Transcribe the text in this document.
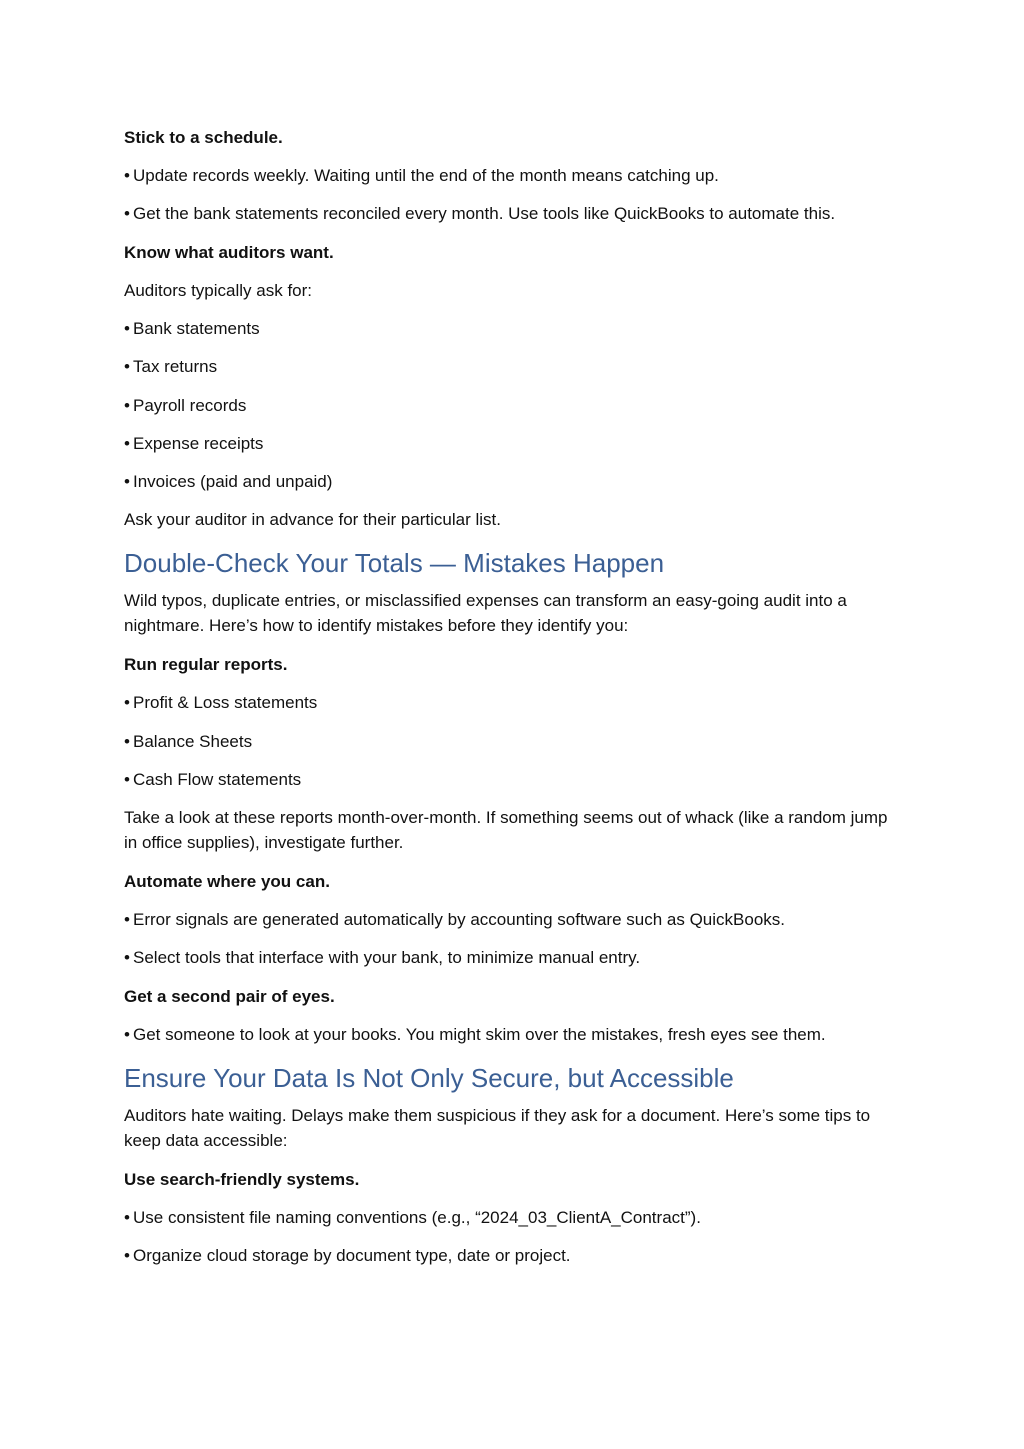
Stick to a schedule.
• Update records weekly. Waiting until the end of the month means catching up.
• Get the bank statements reconciled every month. Use tools like QuickBooks to automate this.
Know what auditors want.
Auditors typically ask for:
• Bank statements
• Tax returns
• Payroll records
• Expense receipts
• Invoices (paid and unpaid)
Ask your auditor in advance for their particular list.
Double-Check Your Totals — Mistakes Happen
Wild typos, duplicate entries, or misclassified expenses can transform an easy-going audit into a nightmare. Here’s how to identify mistakes before they identify you:
Run regular reports.
• Profit & Loss statements
• Balance Sheets
• Cash Flow statements
Take a look at these reports month-over-month. If something seems out of whack (like a random jump in office supplies), investigate further.
Automate where you can.
• Error signals are generated automatically by accounting software such as QuickBooks.
• Select tools that interface with your bank, to minimize manual entry.
Get a second pair of eyes.
• Get someone to look at your books. You might skim over the mistakes, fresh eyes see them.
Ensure Your Data Is Not Only Secure, but Accessible
Auditors hate waiting. Delays make them suspicious if they ask for a document. Here’s some tips to keep data accessible:
Use search-friendly systems.
• Use consistent file naming conventions (e.g., “2024_03_ClientA_Contract”).
• Organize cloud storage by document type, date or project.
